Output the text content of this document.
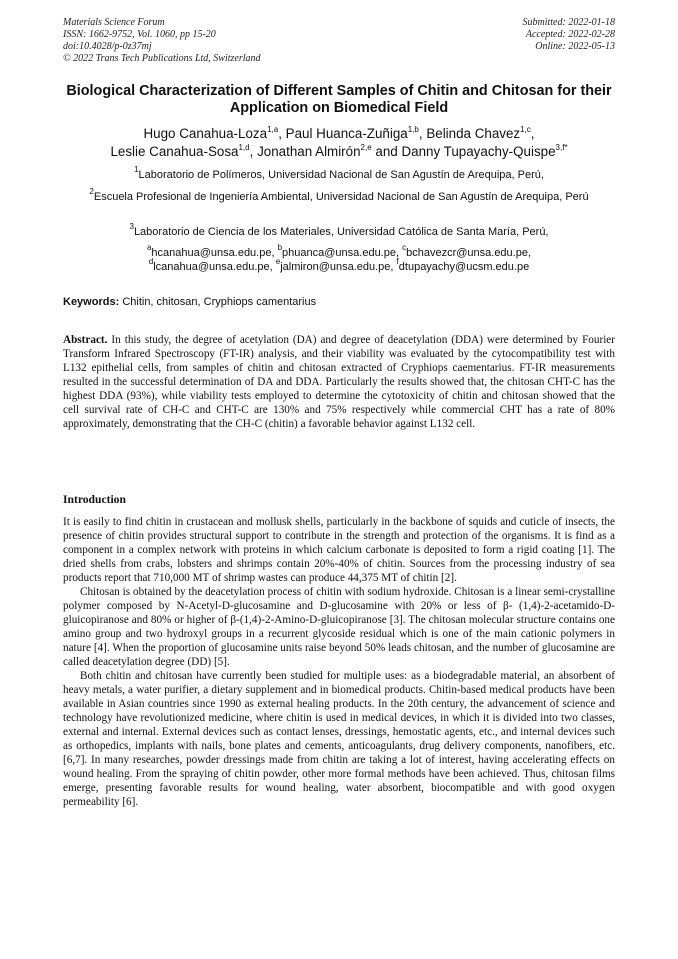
Materials Science Forum
ISSN: 1662-9752, Vol. 1060, pp 15-20
doi:10.4028/p-0z37mj
© 2022 Trans Tech Publications Ltd, Switzerland
Submitted: 2022-01-18
Accepted: 2022-02-28
Online: 2022-05-13
Biological Characterization of Different Samples of Chitin and Chitosan for their Application on Biomedical Field
Hugo Canahua-Loza$^{1,a}$, Paul Huanca-Zuñiga$^{1,b}$, Belinda Chavez$^{1,c}$,
Leslie Canahua-Sosa$^{1,d}$, Jonathan Almirón$^{2,e}$ and Danny Tupayachy-Quispe$^{3,f*}$
$^1$Laboratorio de Polímeros, Universidad Nacional de San Agustín de Arequipa, Perú,
$^2$Escuela Profesional de Ingeniería Ambiental, Universidad Nacional de San Agustín de Arequipa, Perú
$^3$Laboratorio de Ciencia de los Materiales, Universidad Católica de Santa María, Perú,
$^a$hcanahua@unsa.edu.pe, $^b$phuanca@unsa.edu.pe, $^c$bchavezcr@unsa.edu.pe,
$^d$lcanahua@unsa.edu.pe, $^e$jalmiron@unsa.edu.pe, $^f$dtupayachy@ucsm.edu.pe
Keywords: Chitin, chitosan, Cryphiops camentarius
Abstract. In this study, the degree of acetylation (DA) and degree of deacetylation (DDA) were determined by Fourier Transform Infrared Spectroscopy (FT-IR) analysis, and their viability was evaluated by the cytocompatibility test with L132 epithelial cells, from samples of chitin and chitosan extracted of Cryphiops caementarius. FT-IR measurements resulted in the successful determination of DA and DDA. Particularly the results showed that, the chitosan CHT-C has the highest DDA (93%), while viability tests employed to determine the cytotoxicity of chitin and chitosan showed that the cell survival rate of CH-C and CHT-C are 130% and 75% respectively while commercial CHT has a rate of 80% approximately, demonstrating that the CH-C (chitin) a favorable behavior against L132 cell.
Introduction

It is easily to find chitin in crustacean and mollusk shells, particularly in the backbone of squids and cuticle of insects, the presence of chitin provides structural support to contribute in the strength and protection of the organisms. It is find as a component in a complex network with proteins in which calcium carbonate is deposited to form a rigid coating [1]. The dried shells from crabs, lobsters and shrimps contain 20%-40% of chitin. Sources from the processing industry of sea products report that 710,000 MT of shrimp wastes can produce 44,375 MT of chitin [2].

Chitosan is obtained by the deacetylation process of chitin with sodium hydroxide. Chitosan is a linear semi-crystalline polymer composed by N-Acetyl-D-glucosamine and D-glucosamine with 20% or less of β- (1,4)-2-acetamido-D-gluicopiranose and 80% or higher of β-(1,4)-2-Amino-D-gluicopiranose [3]. The chitosan molecular structure contains one amino group and two hydroxyl groups in a recurrent glycoside residual which is one of the main cationic polymers in nature [4]. When the proportion of glucosamine units raise beyond 50% leads chitosan, and the number of glucosamine are called deacetylation degree (DD) [5].

Both chitin and chitosan have currently been studied for multiple uses: as a biodegradable material, an absorbent of heavy metals, a water purifier, a dietary supplement and in biomedical products. Chitin-based medical products have been available in Asian countries since 1990 as external healing products. In the 20th century, the advancement of science and technology have revolutionized medicine, where chitin is used in medical devices, in which it is divided into two classes, external and internal. External devices such as contact lenses, dressings, hemostatic agents, etc., and internal devices such as orthopedics, implants with nails, bone plates and cements, anticoagulants, drug delivery components, nanofibers, etc. [6,7]. In many researches, powder dressings made from chitin are taking a lot of interest, having accelerating effects on wound healing. From the spraying of chitin powder, other more formal methods have been achieved. Thus, chitosan films emerge, presenting favorable results for wound healing, water absorbent, biocompatible and with good oxygen permeability [6].
